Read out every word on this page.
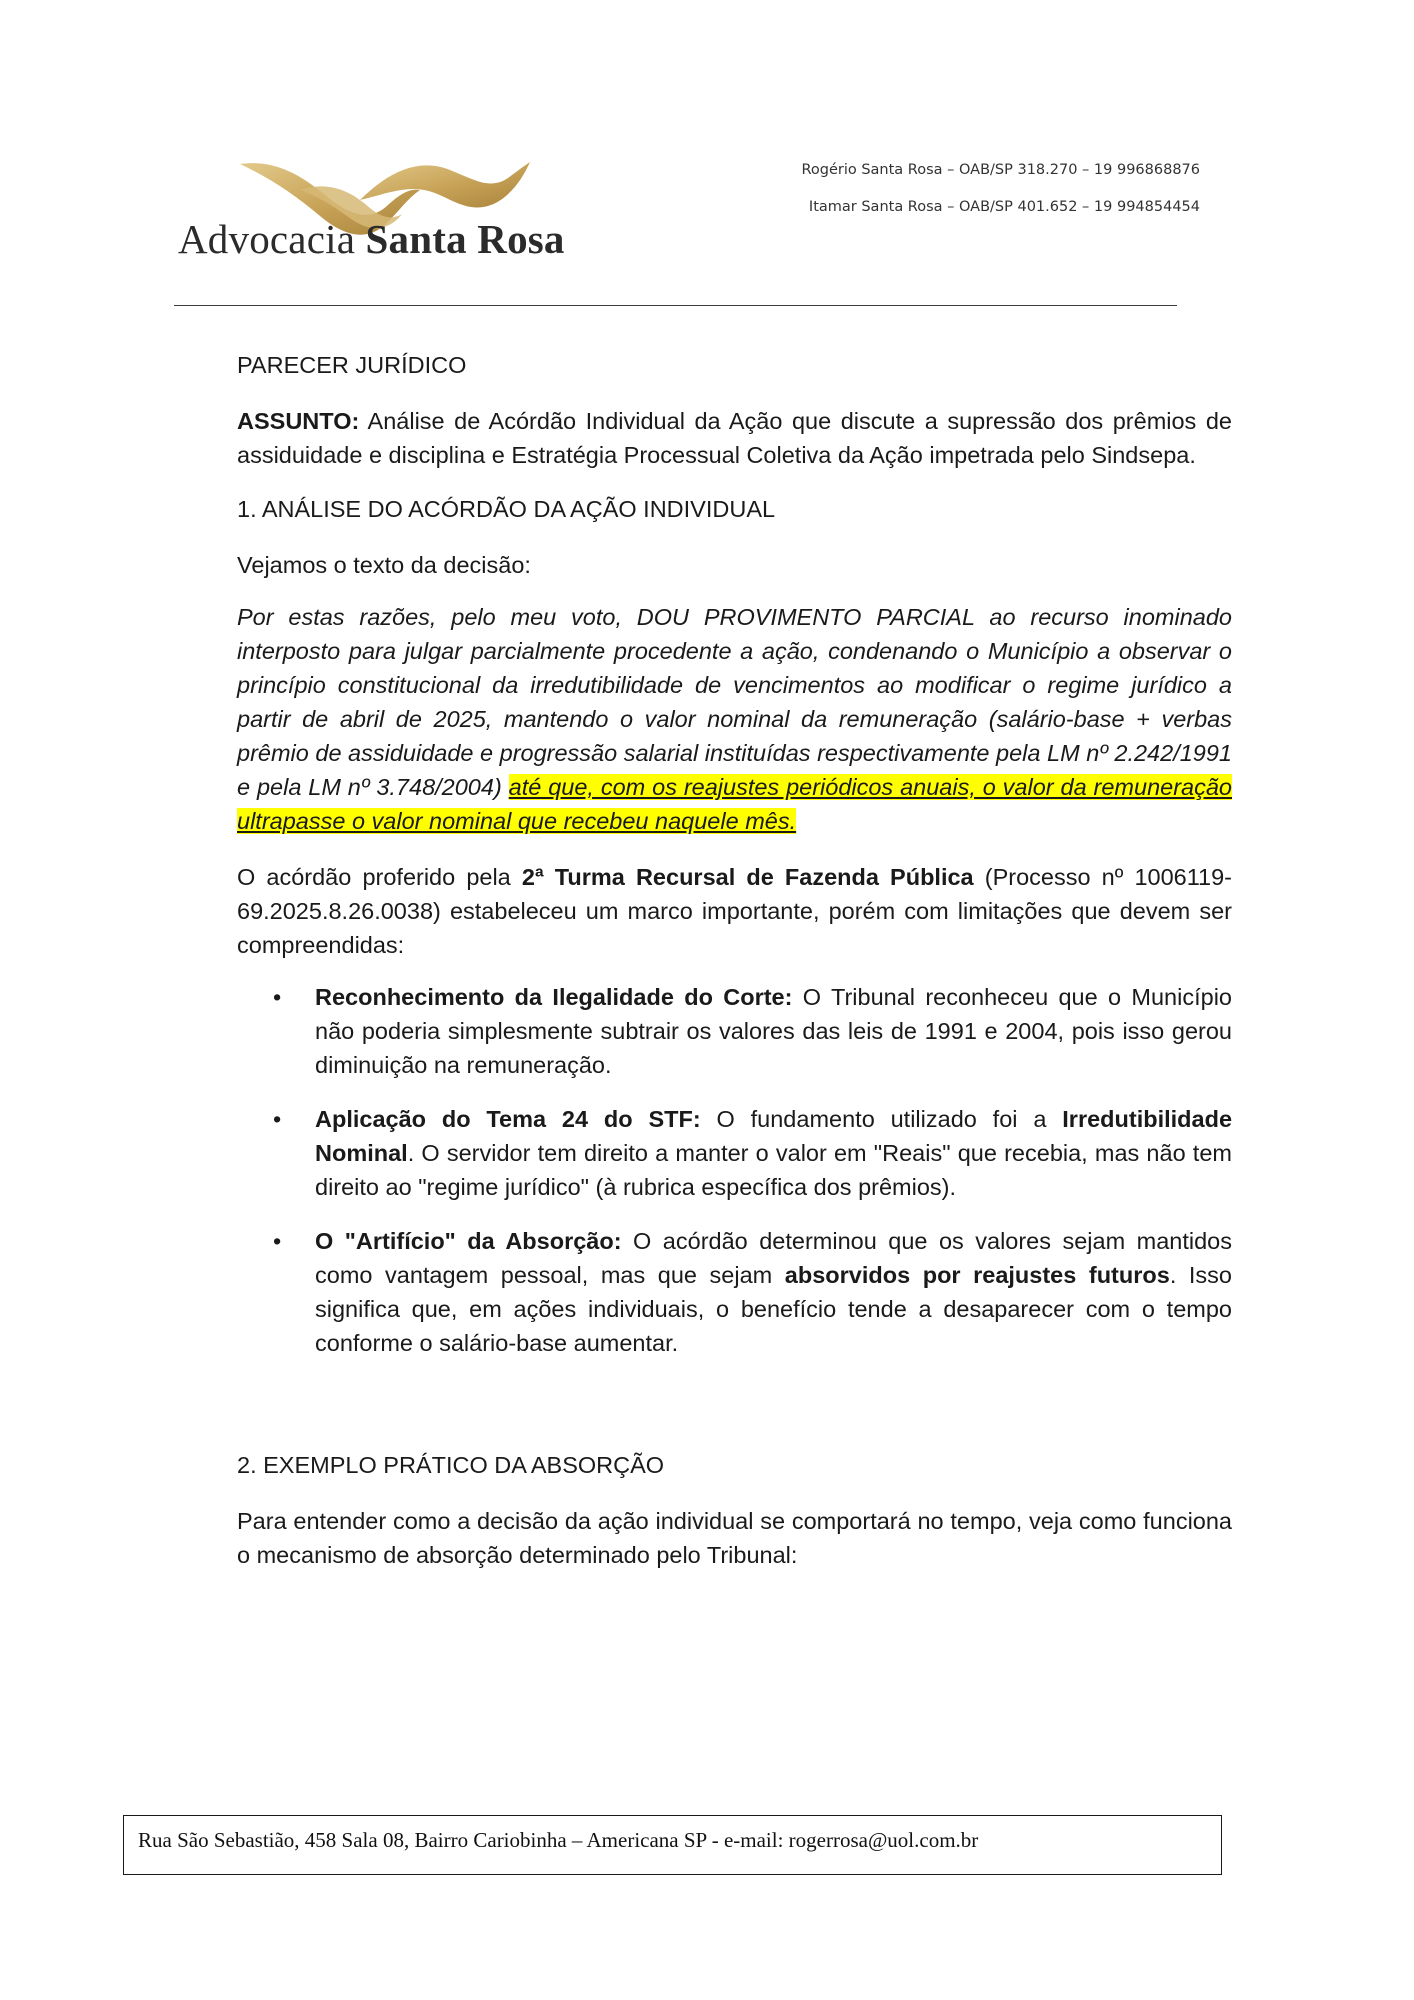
Advocacia Santa Rosa
Rogério Santa Rosa – OAB/SP 318.270 – 19 996868876
Itamar Santa Rosa – OAB/SP 401.652 – 19 994854454

PARECER JURÍDICO

ASSUNTO: Análise de Acórdão Individual da Ação que discute a supressão dos prêmios de assiduidade e disciplina e Estratégia Processual Coletiva da Ação impetrada pelo Sindsepa.

1. ANÁLISE DO ACÓRDÃO DA AÇÃO INDIVIDUAL

Vejamos o texto da decisão:

Por estas razões, pelo meu voto, DOU PROVIMENTO PARCIAL ao recurso inominado interposto para julgar parcialmente procedente a ação, condenando o Município a observar o princípio constitucional da irredutibilidade de vencimentos ao modificar o regime jurídico a partir de abril de 2025, mantendo o valor nominal da remuneração (salário-base + verbas prêmio de assiduidade e progressão salarial instituídas respectivamente pela LM nº 2.242/1991 e pela LM nº 3.748/2004) até que, com os reajustes periódicos anuais, o valor da remuneração ultrapasse o valor nominal que recebeu naquele mês.

O acórdão proferido pela 2ª Turma Recursal de Fazenda Pública (Processo nº 1006119-69.2025.8.26.0038) estabeleceu um marco importante, porém com limitações que devem ser compreendidas:

• Reconhecimento da Ilegalidade do Corte: O Tribunal reconheceu que o Município não poderia simplesmente subtrair os valores das leis de 1991 e 2004, pois isso gerou diminuição na remuneração.
• Aplicação do Tema 24 do STF: O fundamento utilizado foi a Irredutibilidade Nominal. O servidor tem direito a manter o valor em "Reais" que recebia, mas não tem direito ao "regime jurídico" (à rubrica específica dos prêmios).
• O "Artifício" da Absorção: O acórdão determinou que os valores sejam mantidos como vantagem pessoal, mas que sejam absorvidos por reajustes futuros. Isso significa que, em ações individuais, o benefício tende a desaparecer com o tempo conforme o salário-base aumentar.

2. EXEMPLO PRÁTICO DA ABSORÇÃO

Para entender como a decisão da ação individual se comportará no tempo, veja como funciona o mecanismo de absorção determinado pelo Tribunal:

Rua São Sebastião, 458 Sala 08, Bairro Cariobinha – Americana SP - e-mail: rogerrosa@uol.com.br
